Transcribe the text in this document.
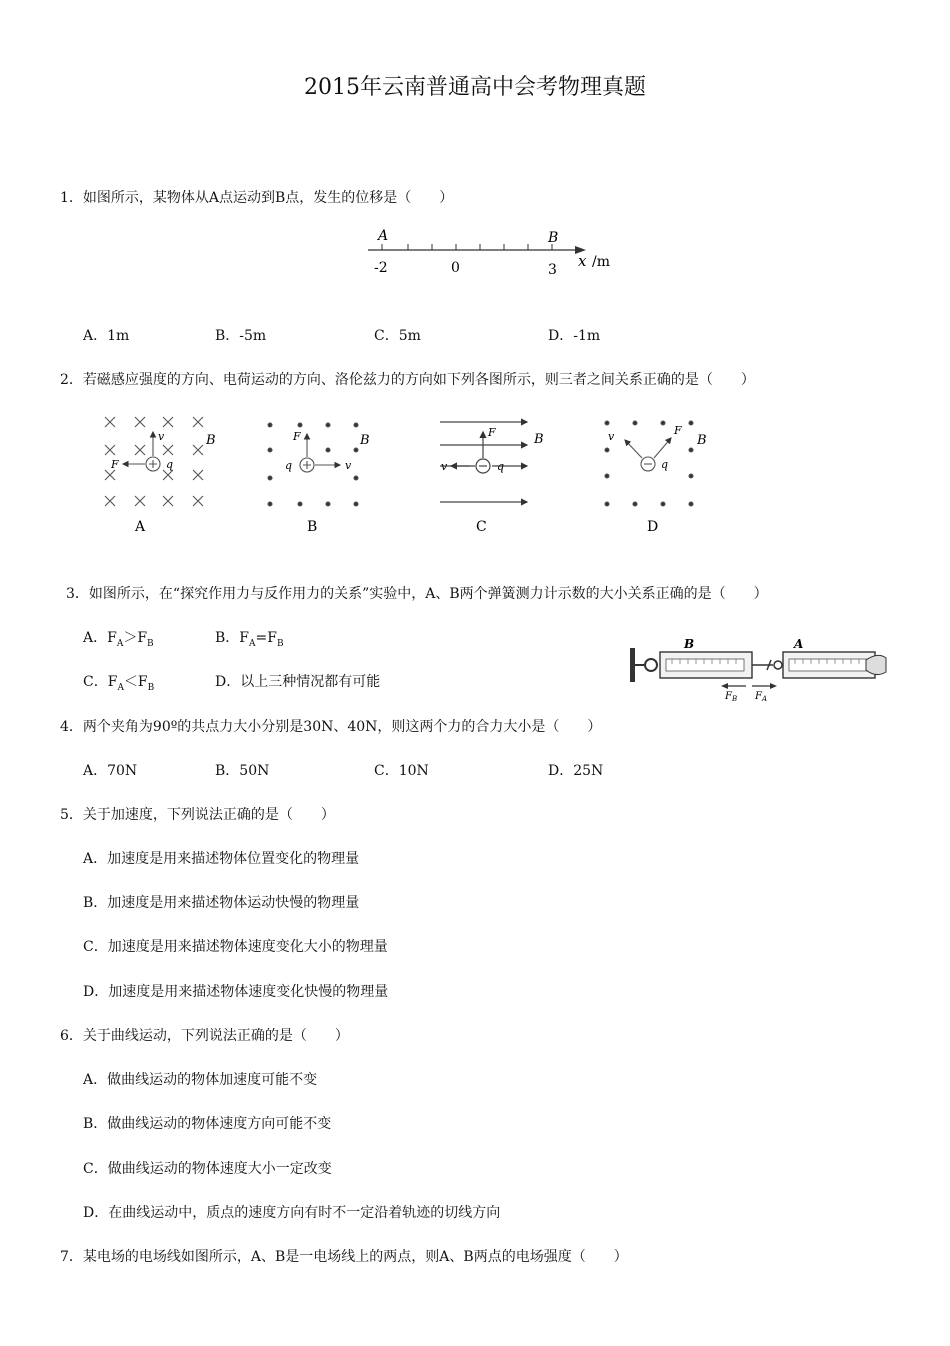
2015年云南普通高中会考物理真题
1．如图所示，某物体从A点运动到B点，发生的位移是（　　）
A	B
-2	0	3 x /m
A．1m	B．-5m	C．5m	D．-1m
2．若磁感应强度的方向、电荷运动的方向、洛伦兹力的方向如下列各图所示，则三者之间关系正确的是（　　）
v
F	q
B
A
F
q	v
B
B
F
v	q
B
C
v	F
q
B
D
3．如图所示，在“探究作用力与反作用力的关系”实验中，A、B两个弹簧测力计示数的大小关系正确的是（　　）
A．$F_A>F_B$	B．$F_A=F_B$
C．$F_A<F_B$	D．以上三种情况都有可能
B	A
$F_B$ $F_A$
4．两个夹角为90º的共点力大小分别是30N、40N，则这两个力的合力大小是（　　）
A．70N	B．50N	C．10N	D．25N
5．关于加速度，下列说法正确的是（　　）
A．加速度是用来描述物体位置变化的物理量
B．加速度是用来描述物体运动快慢的物理量
C．加速度是用来描述物体速度变化大小的物理量
D．加速度是用来描述物体速度变化快慢的物理量
6．关于曲线运动，下列说法正确的是（　　）
A．做曲线运动的物体加速度可能不变
B．做曲线运动的物体速度方向可能不变
C．做曲线运动的物体速度大小一定改变
D．在曲线运动中，质点的速度方向有时不一定沿着轨迹的切线方向
7．某电场的电场线如图所示，A、B是一电场线上的两点，则A、B两点的电场强度（　　）
